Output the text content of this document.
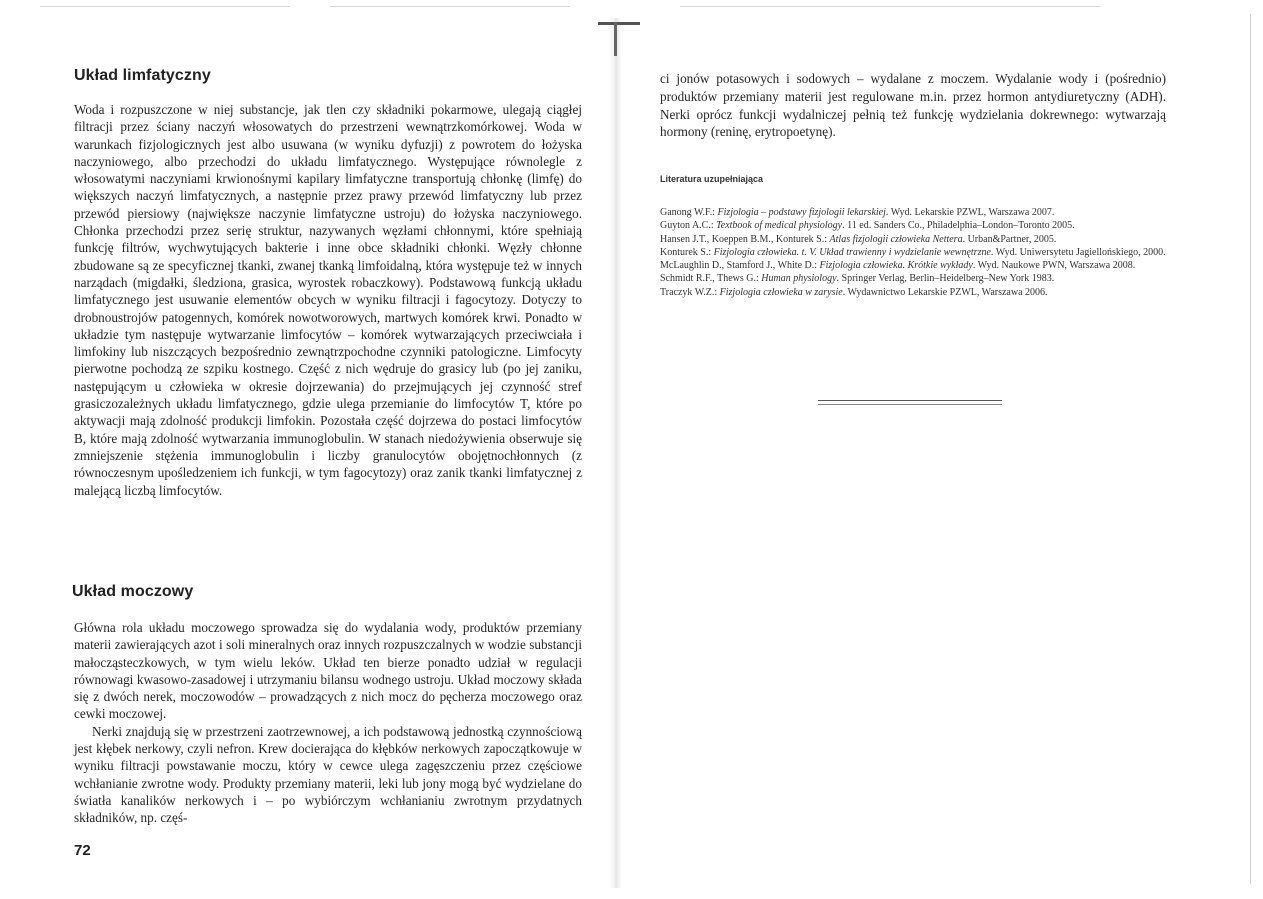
Układ limfatyczny

Woda i rozpuszczone w niej substancje, jak tlen czy składniki pokarmowe, ulegają ciągłej filtracji przez ściany naczyń włosowatych do przestrzeni wewnątrzkomórkowej. Woda w warunkach fizjologicznych jest albo usuwana (w wyniku dyfuzji) z powrotem do łożyska naczyniowego, albo przechodzi do układu limfatycznego. Występujące równolegle z włosowatymi naczyniami krwionośnymi kapilary limfatyczne transportują chłonkę (limfę) do większych naczyń limfatycznych, a następnie przez prawy przewód limfatyczny lub przez przewód piersiowy (największe naczynie limfatyczne ustroju) do łożyska naczyniowego. Chłonka przechodzi przez serię struktur, nazywanych węzłami chłonnymi, które spełniają funkcję filtrów, wychwytujących bakterie i inne obce składniki chłonki. Węzły chłonne zbudowane są ze specyficznej tkanki, zwanej tkanką limfoidalną, która występuje też w innych narządach (migdałki, śledziona, grasica, wyrostek robaczkowy). Podstawową funkcją układu limfatycznego jest usuwanie elementów obcych w wyniku filtracji i fagocytozy. Dotyczy to drobnoustrojów patogennych, komórek nowotworowych, martwych komórek krwi. Ponadto w układzie tym następuje wytwarzanie limfocytów – komórek wytwarzających przeciwciała i limfokiny lub niszczących bezpośrednio zewnątrzpochodne czynniki patologiczne. Limfocyty pierwotne pochodzą ze szpiku kostnego. Część z nich wędruje do grasicy lub (po jej zaniku, następującym u człowieka w okresie dojrzewania) do przejmujących jej czynność stref grasiczozależnych układu limfatycznego, gdzie ulega przemianie do limfocytów T, które po aktywacji mają zdolność produkcji limfokin. Pozostała część dojrzewa do postaci limfocytów B, które mają zdolność wytwarzania immunoglobulin. W stanach niedożywienia obserwuje się zmniejszenie stężenia immunoglobulin i liczby granulocytów obojętnochłonnych (z równoczesnym upośledzeniem ich funkcji, w tym fagocytozy) oraz zanik tkanki limfatycznej z malejącą liczbą limfocytów.

Układ moczowy

Główna rola układu moczowego sprowadza się do wydalania wody, produktów przemiany materii zawierających azot i soli mineralnych oraz innych rozpuszczalnych w wodzie substancji małocząsteczkowych, w tym wielu leków. Układ ten bierze ponadto udział w regulacji równowagi kwasowo-zasadowej i utrzymaniu bilansu wodnego ustroju. Układ moczowy składa się z dwóch nerek, moczowodów – prowadzących z nich mocz do pęcherza moczowego oraz cewki moczowej.

Nerki znajdują się w przestrzeni zaotrzewnowej, a ich podstawową jednostką czynnościową jest kłębek nerkowy, czyli nefron. Krew docierająca do kłębków nerkowych zapoczątkowuje w wyniku filtracji powstawanie moczu, który w cewce ulega zagęszczeniu przez częściowe wchłanianie zwrotne wody. Produkty przemiany materii, leki lub jony mogą być wydzielane do światła kanalików nerkowych i – po wybiórczym wchłanianiu zwrotnym przydatnych składników, np. częś-

72

ci jonów potasowych i sodowych – wydalane z moczem. Wydalanie wody i (pośrednio) produktów przemiany materii jest regulowane m.in. przez hormon antydiuretyczny (ADH). Nerki oprócz funkcji wydalniczej pełnią też funkcję wydzielania dokrewnego: wytwarzają hormony (reninę, erytropoetynę).

Literatura uzupełniająca
Ganong W.F.: Fizjologia – podstawy fizjologii lekarskiej. Wyd. Lekarskie PZWL, Warszawa 2007.
Guyton A.C.: Textbook of medical physiology. 11 ed. Sanders Co., Philadelphia–London–Toronto 2005.
Hansen J.T., Koeppen B.M., Konturek S.: Atlas fizjologii człowieka Nettera. Urban&Partner, 2005.
Konturek S.: Fizjologia człowieka. t. V. Układ trawienny i wydzielanie wewnętrzne. Wyd. Uniwersytetu Jagiellońskiego, 2000.
McLaughlin D., Stamford J., White D.: Fizjologia człowieka. Krótkie wykłady. Wyd. Naukowe PWN, Warszawa 2008.
Schmidt R.F., Thews G.: Human physiology. Springer Verlag, Berlin–Heidelberg–New York 1983.
Traczyk W.Z.: Fizjologia człowieka w zarysie. Wydawnictwo Lekarskie PZWL, Warszawa 2006.
